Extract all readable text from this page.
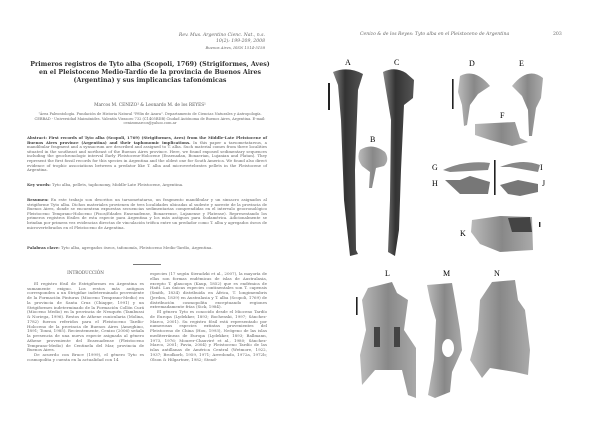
Rev. Mus. Argentino Cienc. Nat., n.s.
10(2): 199-209, 2008
Buenos Aires, ISSN 1514-5158
Primeros registros de Tyto alba (Scopoli, 1769) (Strigiformes, Aves) en el Pleistoceno Medio-Tardío de la provincia de Buenos Aires (Argentina) y sus implicancias tafonómicas
Marcos M. CENIZO¹ & Leonardo M. de los REYES¹
¹Área Paleontología. Fundación de Historia Natural "Félix de Azara". Departamento de Ciencias Naturales y Antropología. CEBBAD - Universidad Maimónides. Valentín Virasoro 732 (C1405BDB) Ciudad Autónoma de Buenos Aires, Argentina. E-mail: cenizomarcos@yahoo.com.ar
Abstract: First records of Tyto alba (Scopoli, 1769) (Strigiformes, Aves) from the Middle-Late Pleistocene of Buenos Aires province (Argentina) and their taphonomic implications. In this paper a tarsometatarsus, a mandibular fragment and a synsacrum are described and assigned to T. alba. Such material comes from three localities situated in the southeast and northeast of the Buenos Aires province. Here, we found exposed sedimentary sequences including the geochronologic interval Early Pleistocene-Holocene (Ensenadan, Bonaerian, Lujanian and Platan). They represent the first fossil records for this species in Argentina and the oldest one for South America. We found also direct evidence of trophic associations between a predator like T. alba and microvertebrates pellets in the Pleistocene of Argentina.
Key words: Tyto alba, pellets, taphonomy, Middle-Late Pleistocene, Argentina.
Resumen: En este trabajo son descritos un tarsometatarso, un fragmento mandibular y un sinsacro asignados al strigiforme Tyto alba. Dichos materiales provienen de tres localidades ubicadas al sudeste y noreste de la provincia de Buenos Aires, donde se encuentran expuestas secuencias sedimentarias comprendidas en el intervalo geocronológico Pleistoceno Temprano-Holoceno (Pisos/Edades Ensenadense, Bonaerense, Lujanense y Platense). Representando los primeros registros fósiles de esta especie para Argentina y los más antiguos para Sudamérica. Adicionalmente se brindan por primera vez evidencias directas de vinculación trófica entre un predador como T. alba y agregados óseos de microvertebrados en el Pleistoceno de Argentina.
Palabras clave: Tyto alba, agregados óseos, tafonomía, Pleistoceno Medio-Tardío, Argentina.
INTRODUCCIÓN

El registro fósil de Estrigiformes en Argentina es sumamente exiguo. Los restos más antiguos corresponden a un Strigidae indeterminado proveniente de la Formación Pinturas (Mioceno Temprano-Medio) en la provincia de Santa Cruz (Chiappe, 1991) y un Strigiformes indeterminado de la Formación Collón Curá (Mioceno Medio) en la provincia de Neuquén (Tambussi & Noriega, 1996). Restos de Athene cunicularia (Molina, 1782) fueron referidos para el Pleistoceno Tardío-Holoceno de la provincia de Buenos Aires (Ameghino, 1891; Tonni, 1985). Recientemente, Cenizo (2006) señala la presencia de una nueva especie asignada al género Athene proveniente del Ensenadense (Pleistoceno Temprano-Medio) de Centinela del Mar, provincia de Buenos Aires.

De acuerdo con Bruce (1999), el género Tyto es cosmopolita y cuenta en la actualidad con 14

especies (17 según Sieradzki et al., 2007), la mayoría de ellas son formas endémicas de islas de Australasia, excepto T. glaucops (Kaup, 1852) que es endémica de Haití. Las únicas especies continentales son T. capensis (Smith, 1834) distribuida en África, T. longimembris (Jerdon, 1839) en Australasia y T. alba (Scopoli, 1769) de distribución cosmopolita exceptuando regiones extremadamente frías (Sick, 1984).

El género Tyto es conocido desde el Mioceno Tardío de Europa (Lydekker, 1893; Bochenski, 1997; Sánchez-Marco, 2001). Su registro fósil está representado por numerosas especies extintas provenientes del Pleistoceno de China (Hou, 1993), Neógeno de las islas mediterráneas de Europa (Lydekker, 1893; Ballmann, 1973, 1976; Mourer-Chauviré et al., 1980; Sánchez-Marco, 2001; Pavia, 2004) y Pleistoceno Tardío de las islas antillanas de América Central (Wetmore, 1922, 1937; Brodkorb, 1959, 1971; Arredondo, 1972a, 1972b; Olson & Hilgartner, 1982; Stead-

Cenizo & de los Reyes: Tyto alba en el Pleistoceno de Argentina	203
A
B
C	D	E
F
G
H
I
J
K
L	M	N
